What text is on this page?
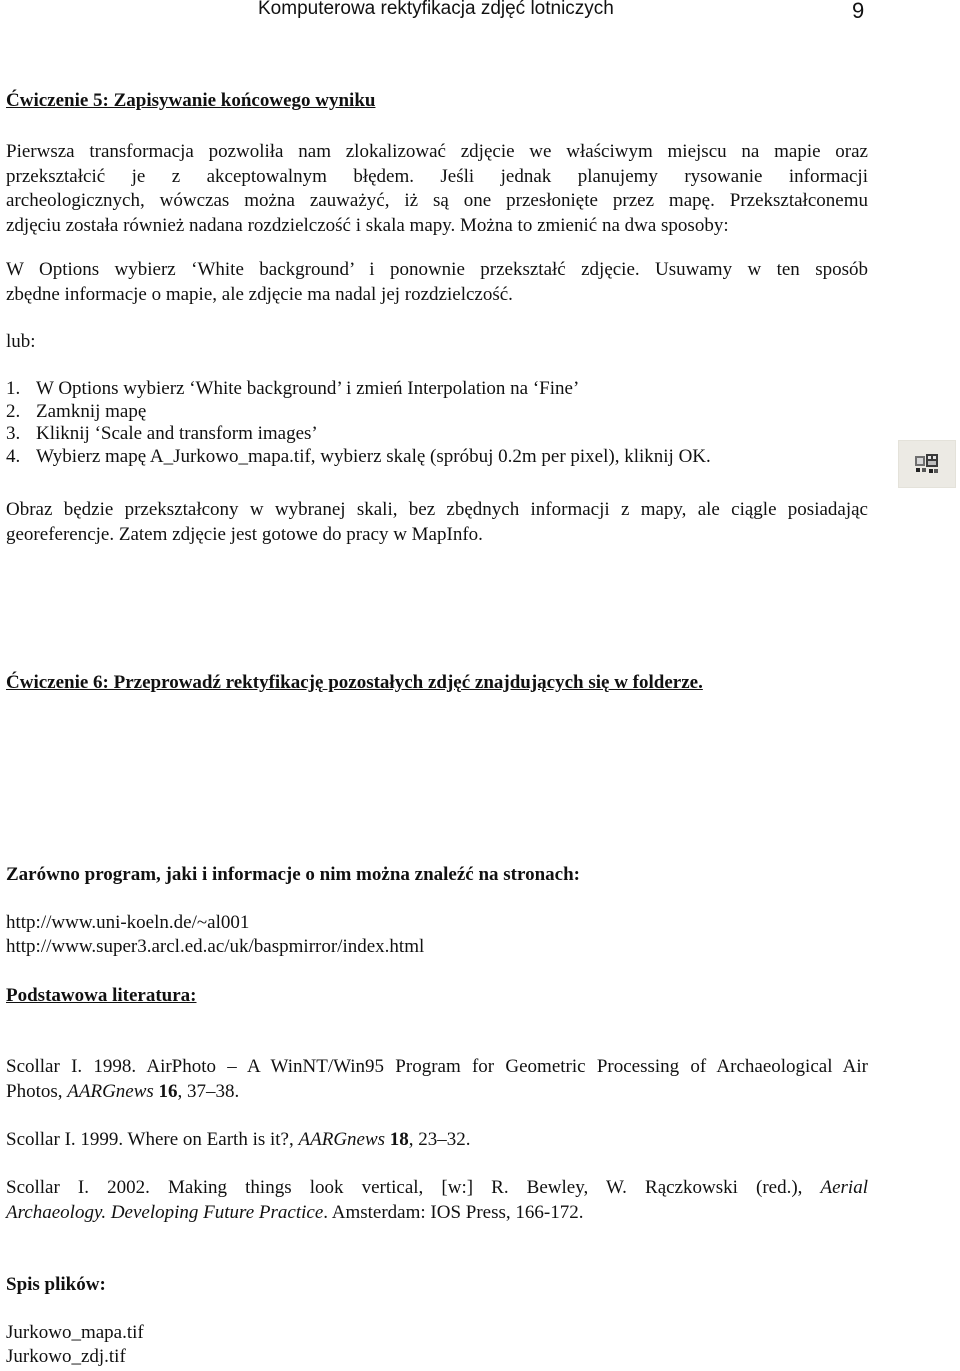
Komputerowa rektyfikacja zdjęć lotniczych	9
Ćwiczenie 5: Zapisywanie końcowego wyniku
Pierwsza transformacja pozwoliła nam zlokalizować zdjęcie we właściwym miejscu na mapie oraz
przekształcić je z akceptowalnym błędem. Jeśli jednak planujemy rysowanie informacji
archeologicznych, wówczas można zauważyć, iż są one przesłonięte przez mapę. Przekształconemu
zdjęciu została również nadana rozdzielczość i skala mapy. Można to zmienić na dwa sposoby:
W Options wybierz ‘White background’ i ponownie przekształć zdjęcie. Usuwamy w ten sposób
zbędne informacje o mapie, ale zdjęcie ma nadal jej rozdzielczość.
lub:
1. W Options wybierz ‘White background’ i zmień Interpolation na ‘Fine’
2. Zamknij mapę
3. Kliknij ‘Scale and transform images’
4. Wybierz mapę A_Jurkowo_mapa.tif, wybierz skalę (spróbuj 0.2m per pixel), kliknij OK.
Obraz będzie przekształcony w wybranej skali, bez zbędnych informacji z mapy, ale ciągle posiadając
georeferencje. Zatem zdjęcie jest gotowe do pracy w MapInfo.
Ćwiczenie 6: Przeprowadź rektyfikację pozostałych zdjęć znajdujących się w folderze.
Zarówno program, jaki i informacje o nim można znaleźć na stronach:
http://www.uni-koeln.de/~al001
http://www.super3.arcl.ed.ac/uk/baspmirror/index.html
Podstawowa literatura:
Scollar I. 1998. AirPhoto – A WinNT/Win95 Program for Geometric Processing of Archaeological Air
Photos, AARGnews 16, 37–38.
Scollar I. 1999. Where on Earth is it?, AARGnews 18, 23–32.
Scollar I. 2002. Making things look vertical, [w:] R. Bewley, W. Rączkowski (red.), Aerial
Archaeology. Developing Future Practice. Amsterdam: IOS Press, 166-172.
Spis plików:
Jurkowo_mapa.tif
Jurkowo_zdj.tif
